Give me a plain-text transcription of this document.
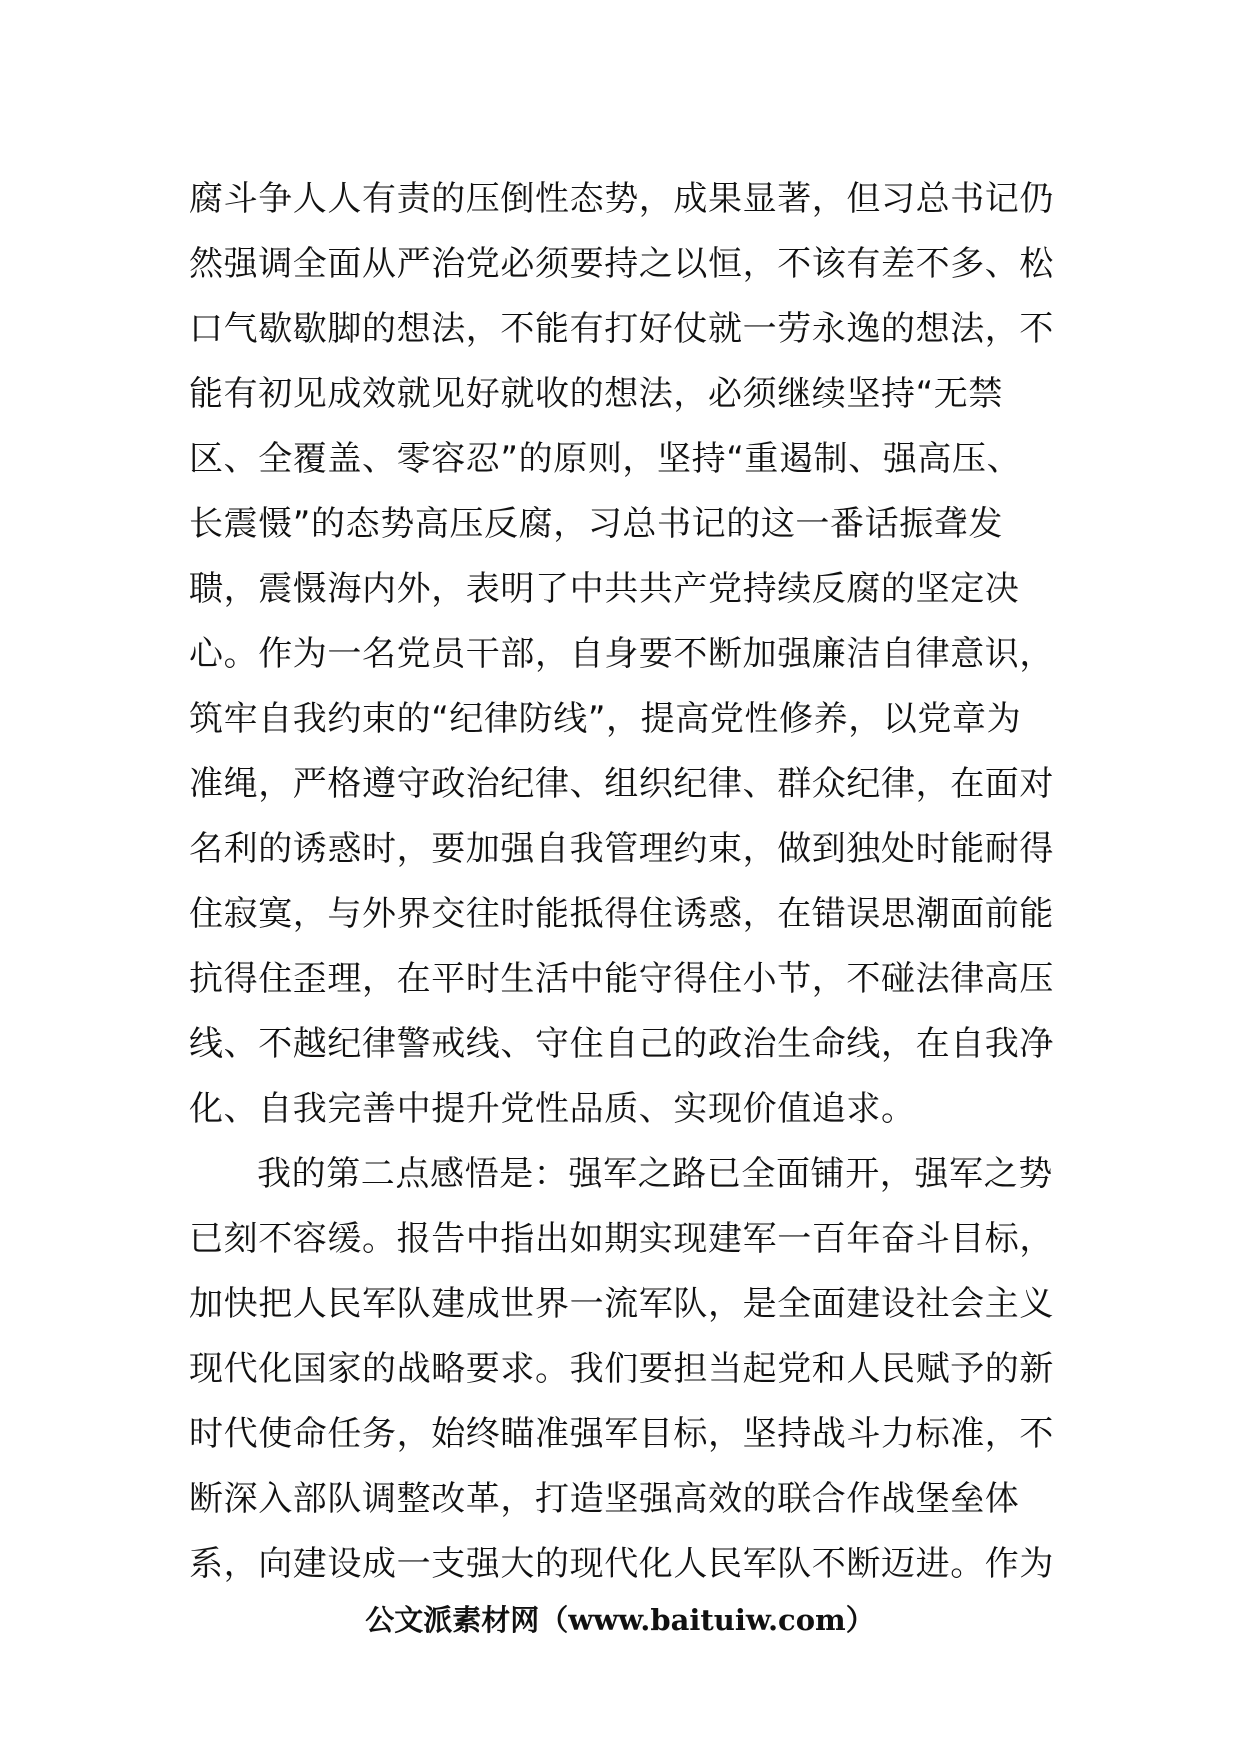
腐斗争人人有责的压倒性态势，成果显著，但习总书记仍
然强调全面从严治党必须要持之以恒，不该有差不多、松
口气歇歇脚的想法，不能有打好仗就一劳永逸的想法，不
能有初见成效就见好就收的想法，必须继续坚持“无禁
区、全覆盖、零容忍”的原则，坚持“重遏制、强高压、
长震慑”的态势高压反腐，习总书记的这一番话振聋发
聩，震慑海内外，表明了中共共产党持续反腐的坚定决
心。作为一名党员干部，自身要不断加强廉洁自律意识，
筑牢自我约束的“纪律防线”，提高党性修养，以党章为
准绳，严格遵守政治纪律、组织纪律、群众纪律，在面对
名利的诱惑时，要加强自我管理约束，做到独处时能耐得
住寂寞，与外界交往时能抵得住诱惑，在错误思潮面前能
抗得住歪理，在平时生活中能守得住小节，不碰法律高压
线、不越纪律警戒线、守住自己的政治生命线，在自我净
化、自我完善中提升党性品质、实现价值追求。
我的第二点感悟是：强军之路已全面铺开，强军之势
已刻不容缓。报告中指出如期实现建军一百年奋斗目标，
加快把人民军队建成世界一流军队，是全面建设社会主义
现代化国家的战略要求。我们要担当起党和人民赋予的新
时代使命任务，始终瞄准强军目标，坚持战斗力标准，不
断深入部队调整改革，打造坚强高效的联合作战堡垒体
系，向建设成一支强大的现代化人民军队不断迈进。作为
公文派素材网（www.baituiw.com）
